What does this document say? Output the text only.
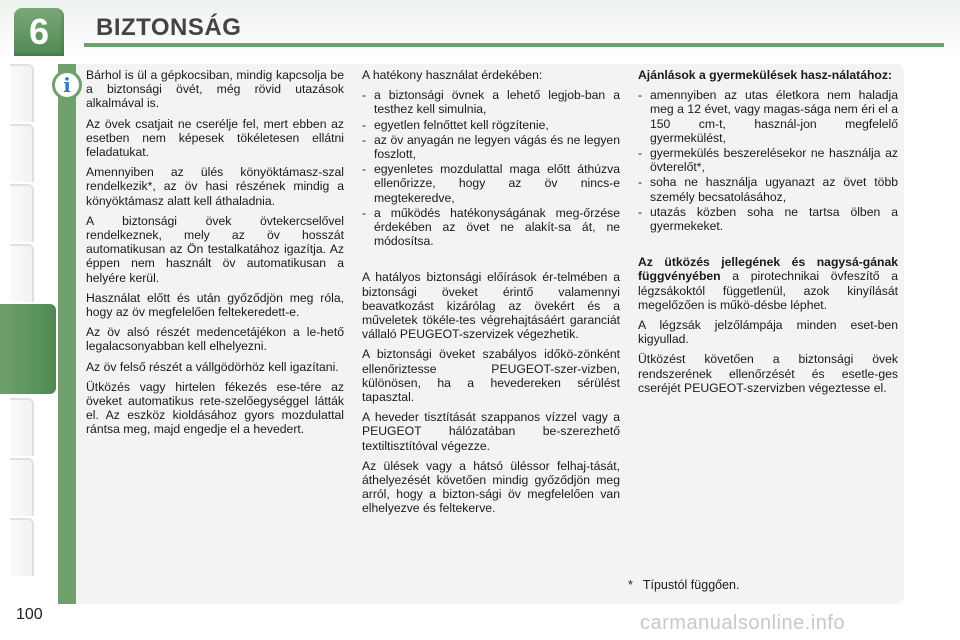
6	BIZTONSÁG
i	Bárhol is ül a gépkocsiban, mindig kapcsolja be a biztonsági övét, még rövid utazások alkalmával is.

Az övek csatjait ne cserélje fel, mert ebben az esetben nem képesek tökéletesen ellátni feladatukat.

Amennyiben az ülés könyöktámasz-szal rendelkezik*, az öv hasi részének mindig a könyöktámasz alatt kell áthaladnia.

A biztonsági övek övtekercselővel rendelkeznek, mely az öv hosszát automatikusan az Ön testalkatához igazítja. Az éppen nem használt öv automatikusan a helyére kerül.

Használat előtt és után győződjön meg róla, hogy az öv megfelelően feltekeredett-e.

Az öv alsó részét medencetájékon a le-hető legalacsonyabban kell elhelyezni.

Az öv felső részét a vállgödörhöz kell igazítani.

Ütközés vagy hirtelen fékezés ese-tére az öveket automatikus rete-szelőegységgel látták el. Az eszköz kioldásához gyors mozdulattal rántsa meg, majd engedje el a hevedert.

A hatékony használat érdekében:

- a biztonsági övnek a lehető legjob-ban a testhez kell simulnia,
- egyetlen felnőttet kell rögzítenie,
- az öv anyagán ne legyen vágás és ne legyen foszlott,
- egyenletes mozdulattal maga előtt áthúzva ellenőrizze, hogy az öv nincs-e megtekeredve,
- a működés hatékonyságának meg-őrzése érdekében az övet ne alakít-sa át, ne módosítsa.

A hatályos biztonsági előírások ér-telmében a biztonsági öveket érintő valamennyi beavatkozást kizárólag az övekért és a műveletek tökéle-tes végrehajtásáért garanciát vállaló PEUGEOT-szervizek végezhetik.

A biztonsági öveket szabályos időkö-zönként ellenőriztesse PEUGEOT-szer-vizben, különösen, ha a hevedereken sérülést tapasztal.

A heveder tisztítását szappanos vízzel vagy a PEUGEOT hálózatában be-szerezhető textiltisztítóval végezze.

Az ülések vagy a hátsó üléssor felhaj-tását, áthelyezését követően mindig győződjön meg arról, hogy a bizton-sági öv megfelelően van elhelyezve és feltekerve.

Ajánlások a gyermekülések hasz-nálatához:

- amennyiben az utas életkora nem haladja meg a 12 évet, vagy magas-sága nem éri el a 150 cm-t, használ-jon megfelelő gyermekülést,
- gyermekülés beszerelésekor ne használja az övterelőt*,
- soha ne használja ugyanazt az övet több személy becsatolásához,
- utazás közben soha ne tartsa ölben a gyermekeket.

Az ütközés jellegének és nagysá-gának függvényében a pirotechnikai övfeszítő a légzsákoktól függetlenül, azok kinyílását megelőzően is műkö-désbe léphet.

A légzsák jelzőlámpája minden eset-ben kigyullad.

Ütközést követően a biztonsági övek rendszerének ellenőrzését és esetle-ges cseréjét PEUGEOT-szervizben végeztesse el.

* Típustól függően.
100	carmanualsonline.info
